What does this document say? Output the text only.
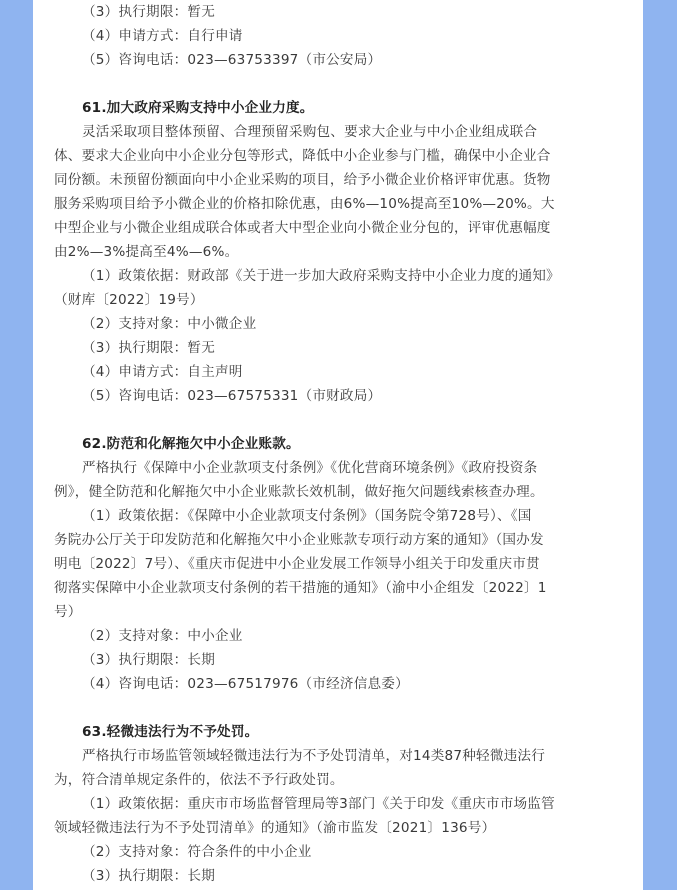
（3）执行期限：暂无
（4）申请方式：自行申请
（5）咨询电话：023—63753397（市公安局）
61.加大政府采购支持中小企业力度。
灵活采取项目整体预留、合理预留采购包、要求大企业与中小企业组成联合
体、要求大企业向中小企业分包等形式，降低中小企业参与门槛，确保中小企业合
同份额。未预留份额面向中小企业采购的项目，给予小微企业价格评审优惠。货物
服务采购项目给予小微企业的价格扣除优惠，由6%—10%提高至10%—20%。大
中型企业与小微企业组成联合体或者大中型企业向小微企业分包的，评审优惠幅度
由2%—3%提高至4%—6%。
（1）政策依据：财政部《关于进一步加大政府采购支持中小企业力度的通知》
（财库〔2022〕19号）
（2）支持对象：中小微企业
（3）执行期限：暂无
（4）申请方式：自主声明
（5）咨询电话：023—67575331（市财政局）
62.防范和化解拖欠中小企业账款。
严格执行《保障中小企业款项支付条例》《优化营商环境条例》《政府投资条
例》，健全防范和化解拖欠中小企业账款长效机制，做好拖欠问题线索核查办理。
（1）政策依据：《保障中小企业款项支付条例》（国务院令第728号）、《国
务院办公厅关于印发防范和化解拖欠中小企业账款专项行动方案的通知》（国办发
明电〔2022〕7号）、《重庆市促进中小企业发展工作领导小组关于印发重庆市贯
彻落实保障中小企业款项支付条例的若干措施的通知》（渝中小企组发〔2022〕1
号）
（2）支持对象：中小企业
（3）执行期限：长期
（4）咨询电话：023—67517976（市经济信息委）
63.轻微违法行为不予处罚。
严格执行市场监管领域轻微违法行为不予处罚清单，对14类87种轻微违法行
为，符合清单规定条件的，依法不予行政处罚。
（1）政策依据：重庆市市场监督管理局等3部门《关于印发《重庆市市场监管
领域轻微违法行为不予处罚清单》的通知》（渝市监发〔2021〕136号）
（2）支持对象：符合条件的中小企业
（3）执行期限：长期
